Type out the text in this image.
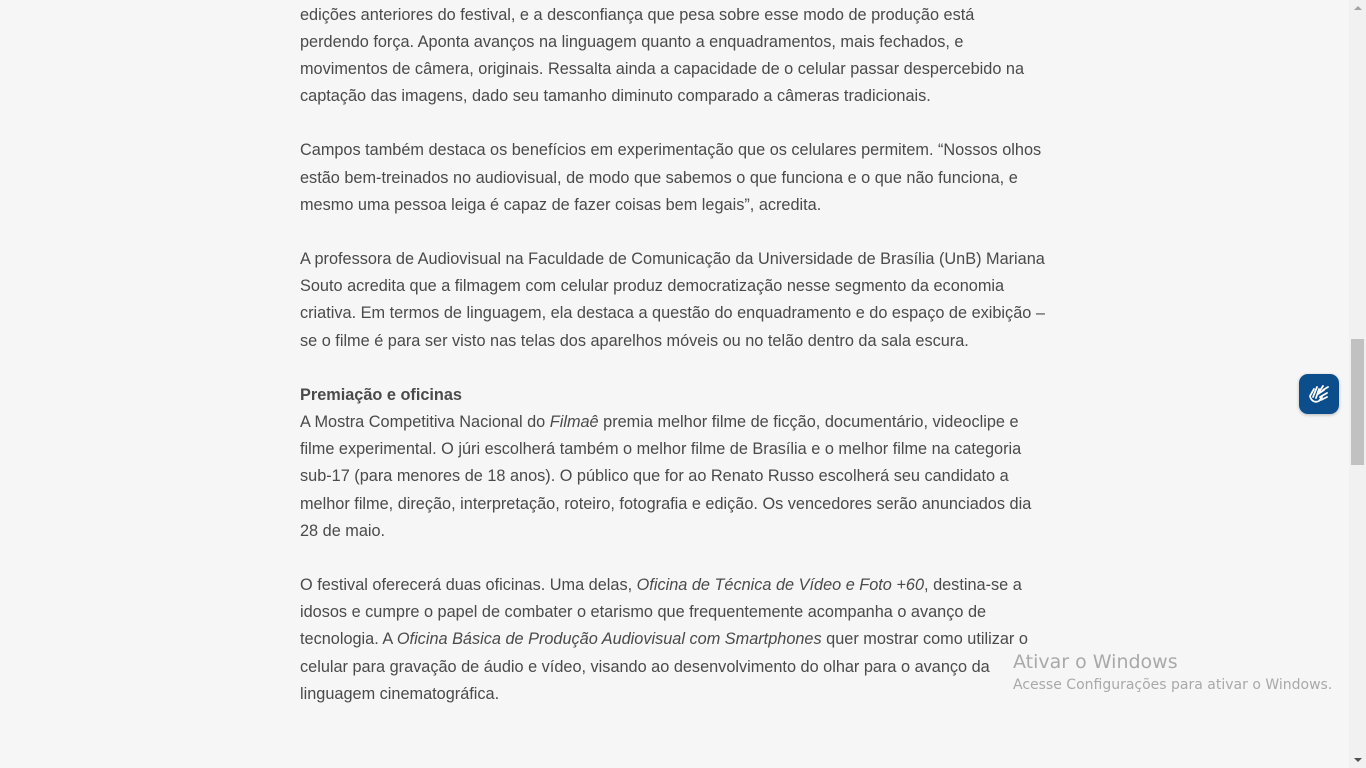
edições anteriores do festival, e a desconfiança que pesa sobre esse modo de produção está
perdendo força. Aponta avanços na linguagem quanto a enquadramentos, mais fechados, e
movimentos de câmera, originais. Ressalta ainda a capacidade de o celular passar despercebido na
captação das imagens, dado seu tamanho diminuto comparado a câmeras tradicionais.

Campos também destaca os benefícios em experimentação que os celulares permitem. “Nossos olhos estão bem-treinados no audiovisual, de modo que sabemos o que funciona e o que não funciona, e mesmo uma pessoa leiga é capaz de fazer coisas bem legais”, acredita.

A professora de Audiovisual na Faculdade de Comunicação da Universidade de Brasília (UnB) Mariana Souto acredita que a filmagem com celular produz democratização nesse segmento da economia criativa. Em termos de linguagem, ela destaca a questão do enquadramento e do espaço de exibição – se o filme é para ser visto nas telas dos aparelhos móveis ou no telão dentro da sala escura.

Premiação e oficinas

A Mostra Competitiva Nacional do Filmaê premia melhor filme de ficção, documentário, videoclipe e filme experimental. O júri escolherá também o melhor filme de Brasília e o melhor filme na categoria sub-17 (para menores de 18 anos). O público que for ao Renato Russo escolherá seu candidato a melhor filme, direção, interpretação, roteiro, fotografia e edição. Os vencedores serão anunciados dia 28 de maio.

O festival oferecerá duas oficinas. Uma delas, Oficina de Técnica de Vídeo e Foto +60, destina-se a idosos e cumpre o papel de combater o etarismo que frequentemente acompanha o avanço de tecnologia. A Oficina Básica de Produção Audiovisual com Smartphones quer mostrar como utilizar o celular para gravação de áudio e vídeo, visando ao desenvolvimento do olhar para o avanço da linguagem cinematográfica.

Ativar o Windows
Acesse Configurações para ativar o Windows.
